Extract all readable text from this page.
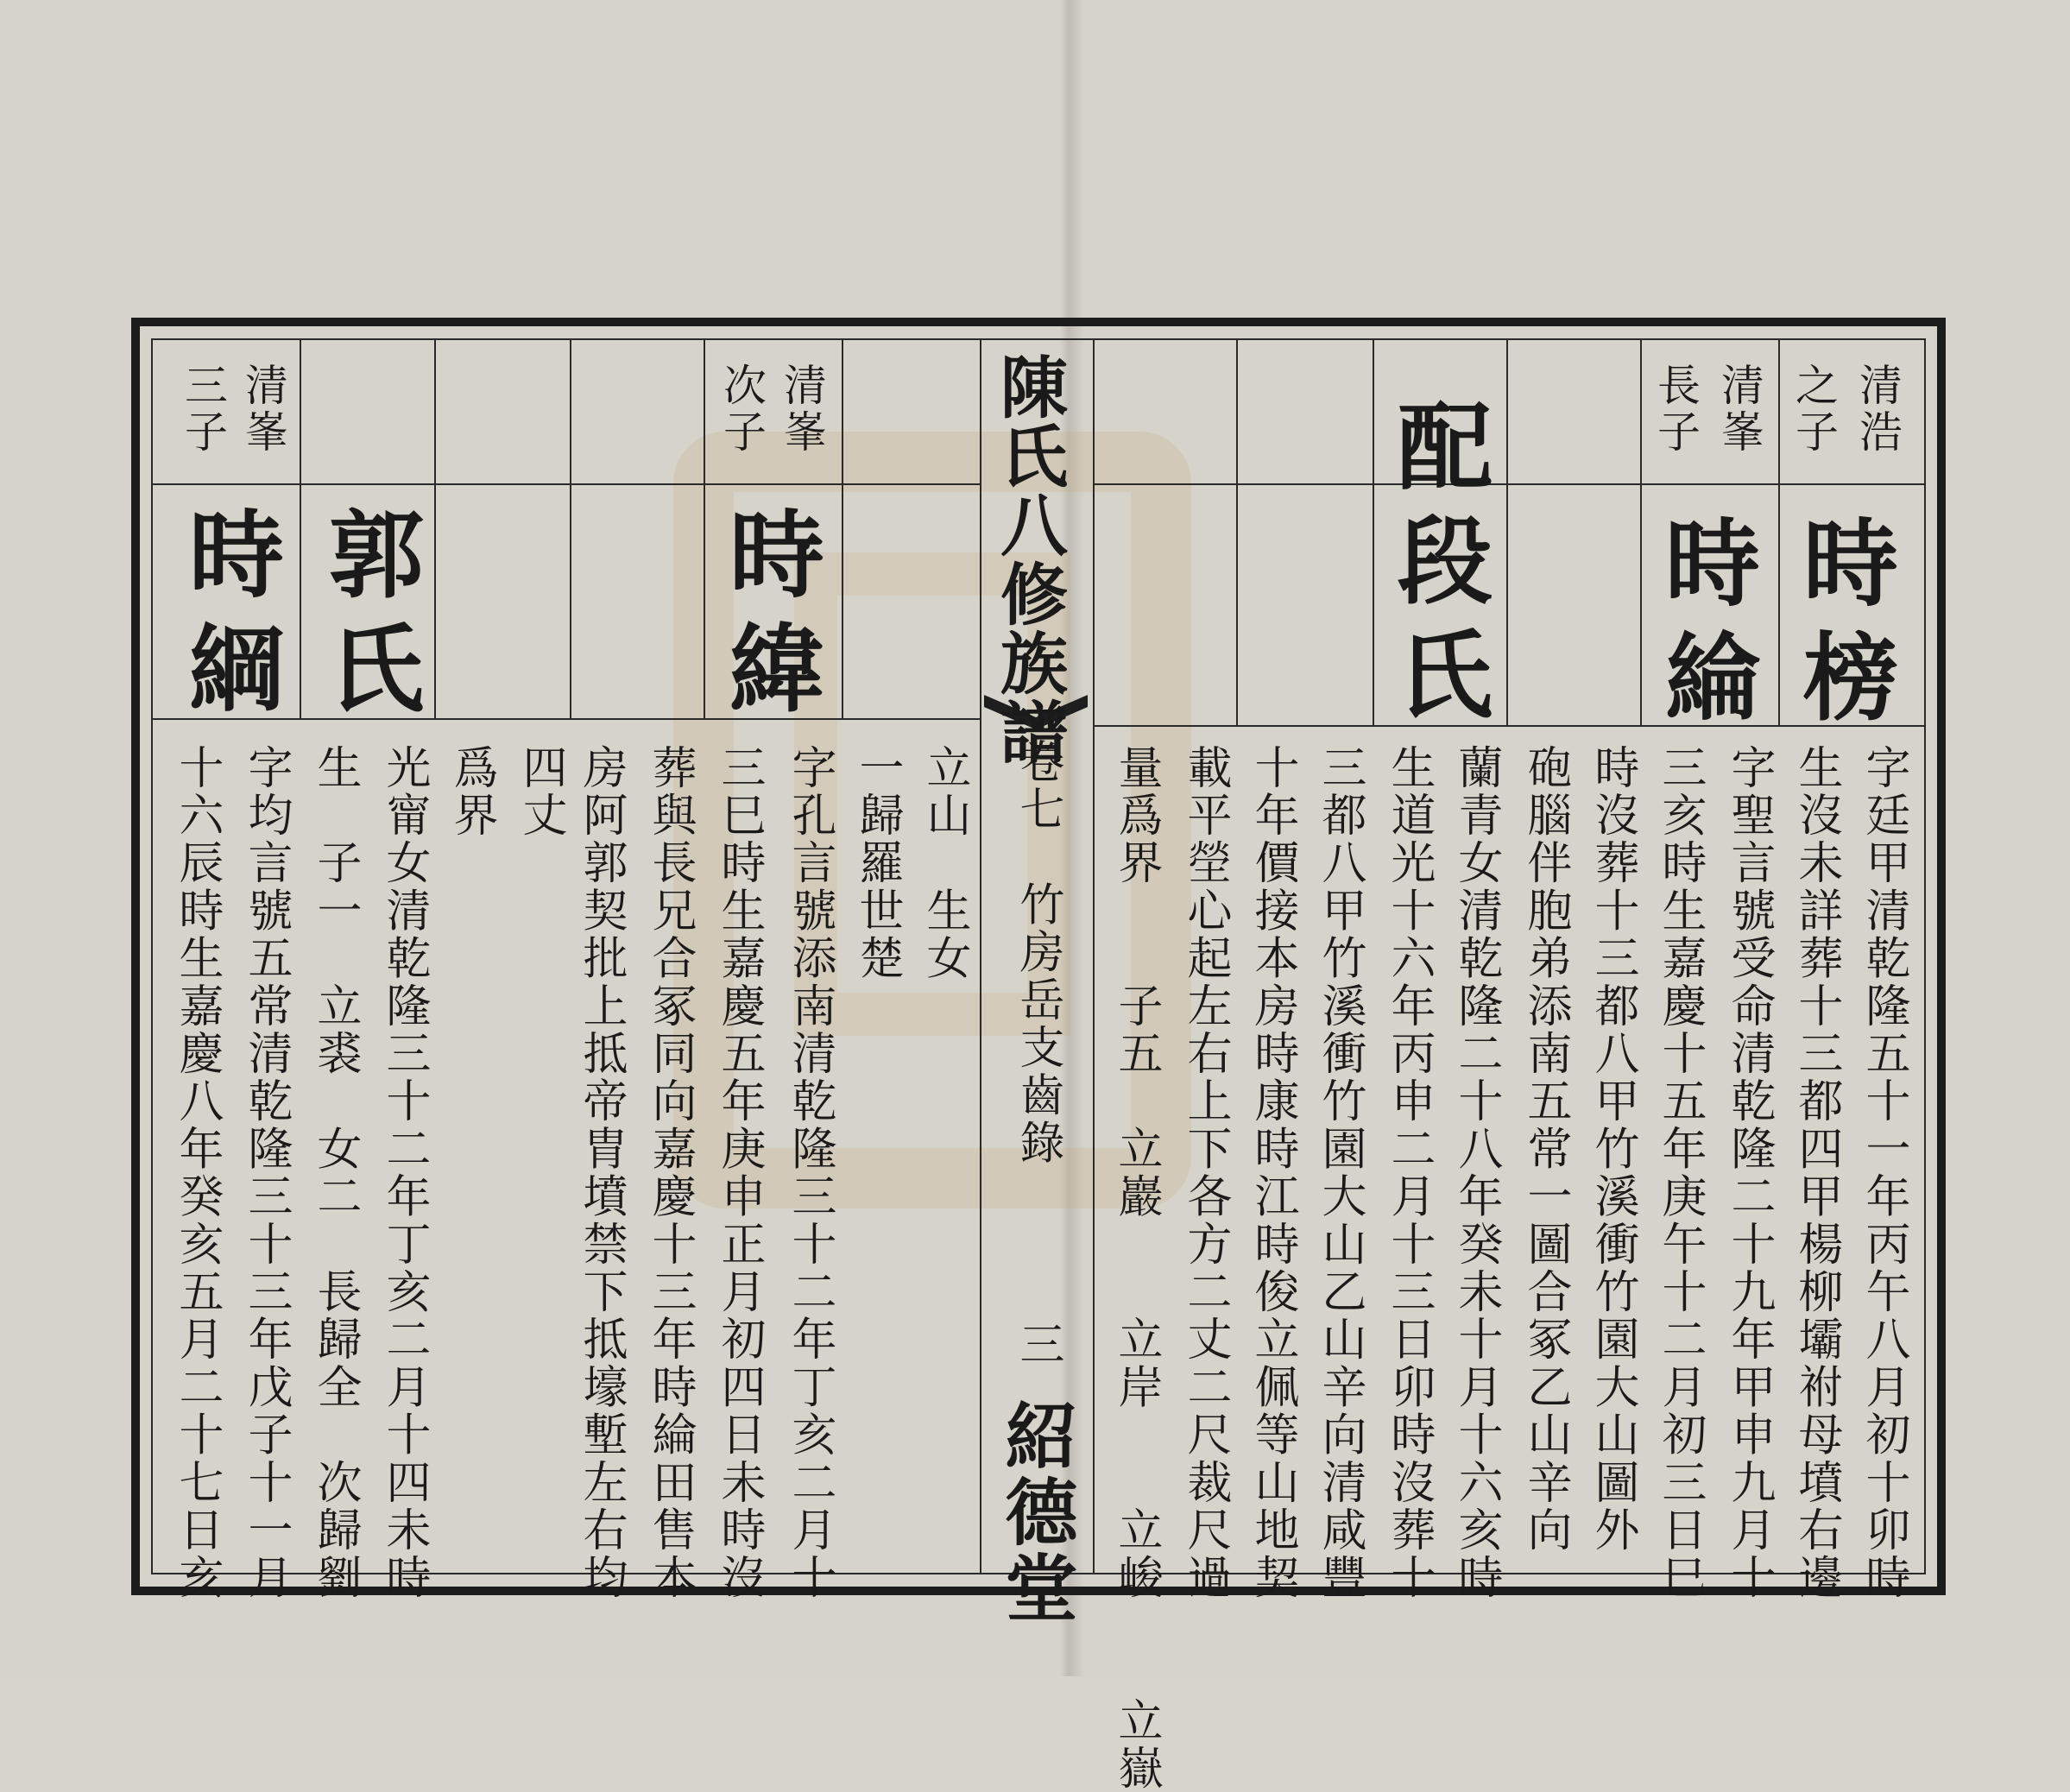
陳氏八修族譜
卷七　竹房岳支齒錄
三
紹德堂
清峯
三子
時綱
十六辰時生嘉慶八年癸亥五月二十七日亥 字均言號五常清乾隆三十三年戊子十一月
郭氏
生　子一　立裘　女二　長歸全　次歸劉 光甯女清乾隆三十二年丁亥二月十四未時 爲界 四丈
清峯
次子
時緯
房阿郭契批上抵帝胄墳禁下抵壕塹左右均 葬與長兄合冢同向嘉慶十三年時綸田售本 三巳時生嘉慶五年庚申正月初四日未時沒 字孔言號添南清乾隆三十二年丁亥二月十 一歸羅世楚 立山　生女	量爲界　　子五　立巖　　立岸　　立峻　　立嶽 載平塋心起左右上下各方二丈二尺裁尺過
配段氏
十年價接本房時康時江時俊立佩等山地契 三都八甲竹溪衝竹園大山乙山辛向清咸豐 生道光十六年丙申二月十三日卯時沒葬十 蘭青女清乾隆二十八年癸未十月十六亥時
清峯
長子
時綸
砲腦伴胞弟添南五常一圖合冢乙山辛向 時沒葬十三都八甲竹溪衝竹園大山圖外 三亥時生嘉慶十五年庚午十二月初三日巳 字聖言號受命清乾隆二十九年甲申九月十
清浩
之子
時榜
生沒未詳葬十三都四甲楊柳壩祔母墳右邊 字廷甲清乾隆五十一年丙午八月初十卯時
